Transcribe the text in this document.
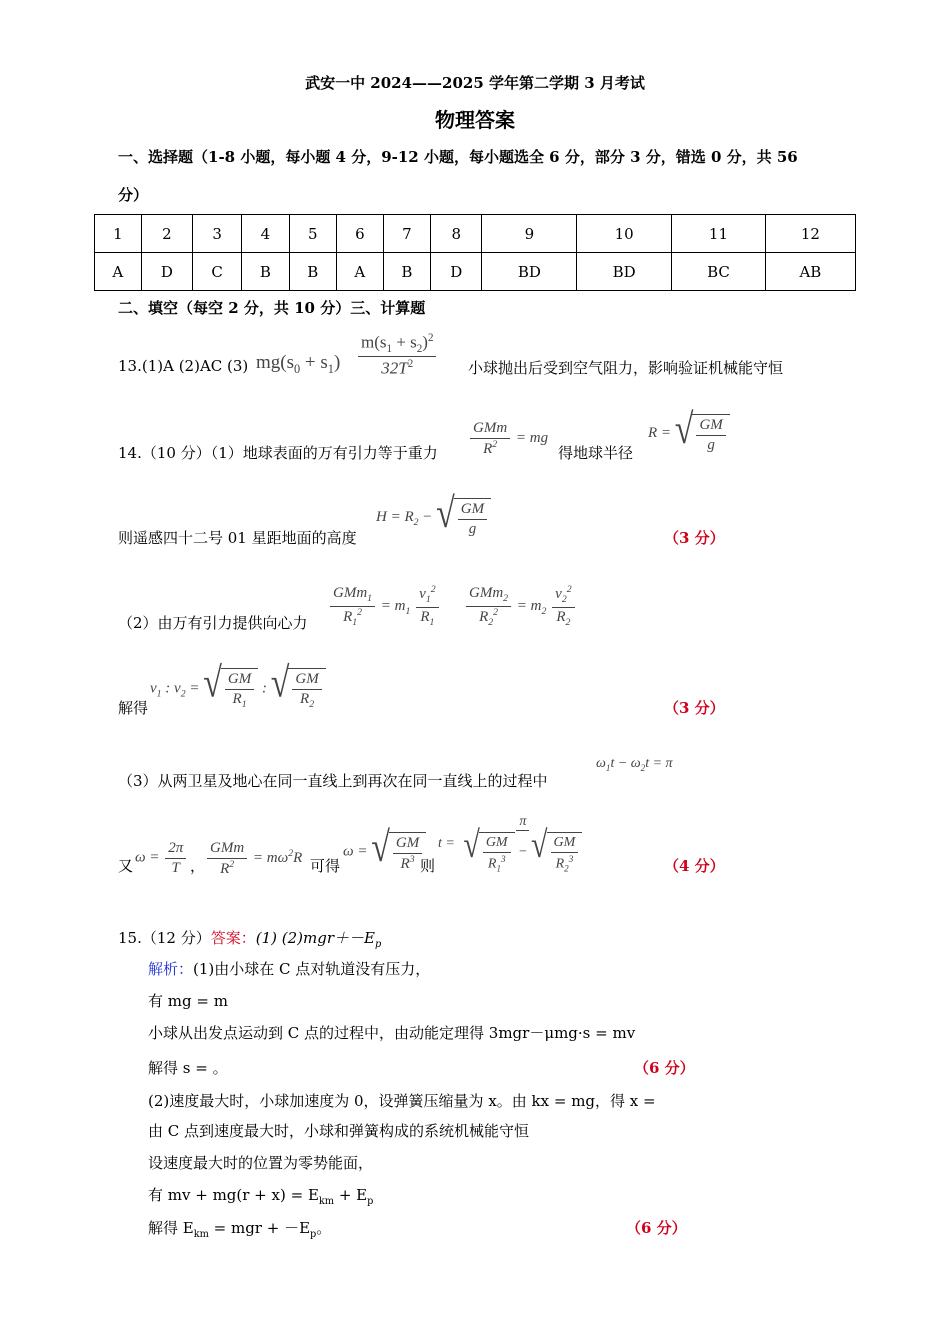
武安一中 2024——2025 学年第二学期 3 月考试
物理答案
一、选择题（1-8 小题，每小题 4 分，9-12 小题，每小题选全 6 分，部分 3 分，错选 0 分，共 56
分）
1	2	3	4	5	6	7	8	9	10	11	12
A	D	C	B	B	A	B	D	BD	BD	BC	AB
二、填空（每空 2 分，共 10 分）三、计算题
13.(1)A (2)AC (3) $mg(s_0 + s_1) \frac{m(s_1 + s_2)^2}{32T^2}$ 小球抛出后受到空气阻力，影响验证机械能守恒
14.（10 分）（1）地球表面的万有引力等于重力 $\frac{\text{GMm}}{R^2}$ = mg
得地球半径
R = √ $\frac{GM}{g}$
则遥感四十二号 01 星距地面的高度
$H = R_2$ − √ $\frac{GM}{g}$
（3 分）
（2）由万有引力提供向心力 $\frac{GMm_1}{R_1^2} = m_1 \frac{v_1^2}{R_1} \frac{GMm_2}{R_2^2} = m_2 \frac{v_2^2}{R_2}$
解得
$v_1$ : $v_2$ = √ $\frac{GM}{R_1}$ : √ $\frac{GM}{R_2}$	（3 分）
（3）从两卫星及地心在同一直线上到再次在同一直线上的过程中
$\omega_1t - \omega_2t = \pi$
又 $\omega = \frac{2\pi}{T}$ ， $\frac{\text{GMm}}{R^2} = m\omega^2R$ 可得
ω = √ $\frac{GM}{R^3}$
则
$t = \frac{\pi}{√ \frac{GM}{R_1^3} - √ \frac{GM}{R_2^3}}$	（4 分）
15.（12 分）答案：(1) $(2)mgr+-E_p$
解析：(1)由小球在 C 点对轨道没有压力，
有 mg = m
小球从出发点运动到 C 点的过程中，由动能定理得 3mgr－μmg·s = mv
解得 s = 。	（6 分）
(2)速度最大时，小球加速度为 0，设弹簧压缩量为 x。由 kx = mg，得 x =
由 C 点到速度最大时，小球和弹簧构成的系统机械能守恒
设速度最大时的位置为零势能面，
有 mv + $mg(r + x) = E_{km} + E_p$
解得 $E_{km}$ = mgr + $-E_p$。	（6 分）
